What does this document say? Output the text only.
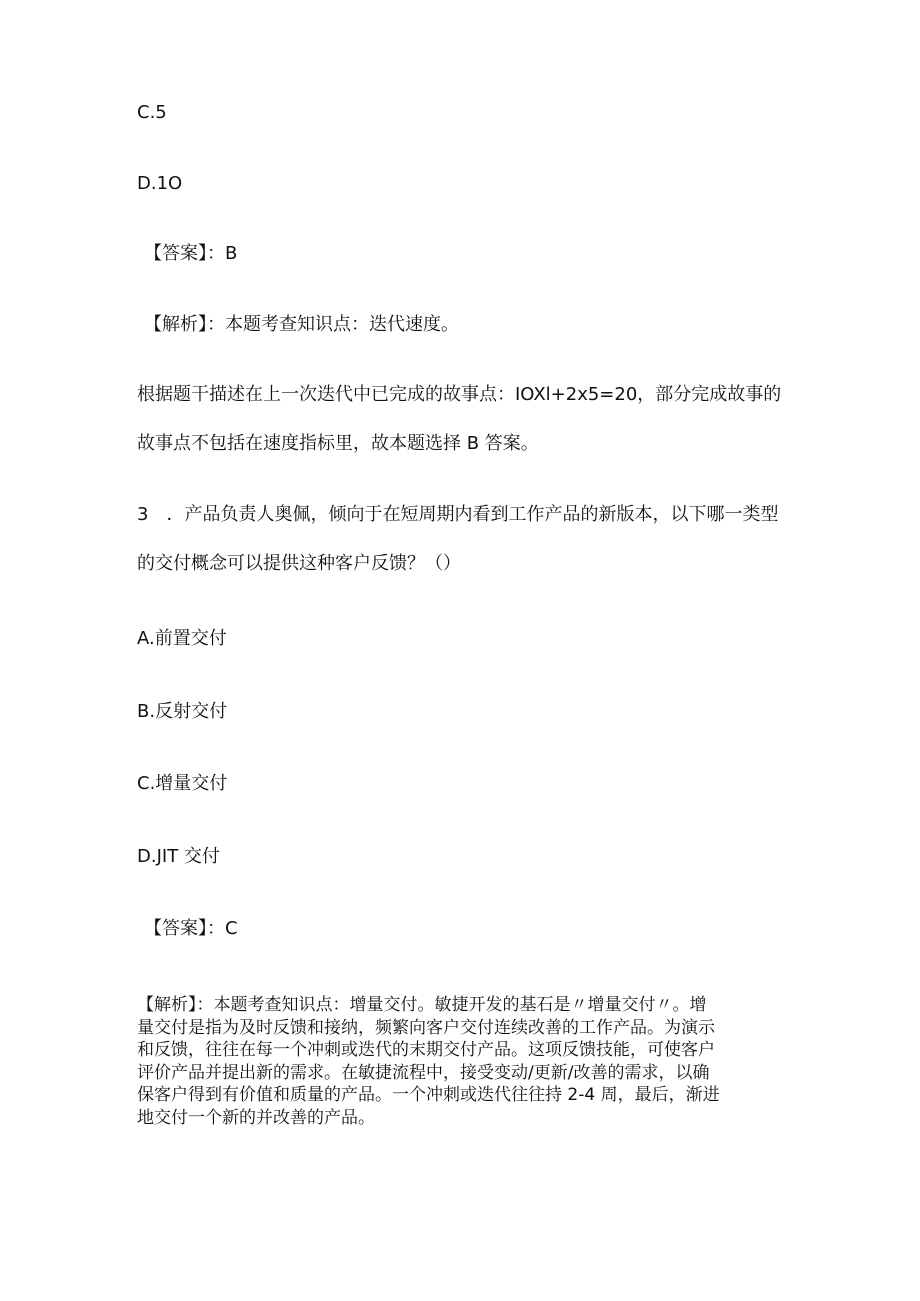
C.5

D.1O

【答案】：B

【解析】：本题考查知识点：迭代速度。

根据题干描述在上一次迭代中已完成的故事点：IOXl+2x5=20，部分完成故事的

故事点不包括在速度指标里，故本题选择 B 答案。

3　．产品负责人奥佩，倾向于在短周期内看到工作产品的新版本，以下哪一类型

的交付概念可以提供这种客户反馈？（）

A.前置交付

B.反射交付

C.增量交付

D.JIT 交付

【答案】：C

【解析】：本题考查知识点：增量交付。敏捷开发的基石是〃增量交付〃。增
量交付是指为及时反馈和接纳，频繁向客户交付连续改善的工作产品。为演示
和反馈，往往在每一个冲刺或迭代的末期交付产品。这项反馈技能，可使客户
评价产品并提出新的需求。在敏捷流程中，接受变动/更新/改善的需求，以确
保客户得到有价值和质量的产品。一个冲刺或迭代往往持 2-4 周，最后，渐进
地交付一个新的并改善的产品。
